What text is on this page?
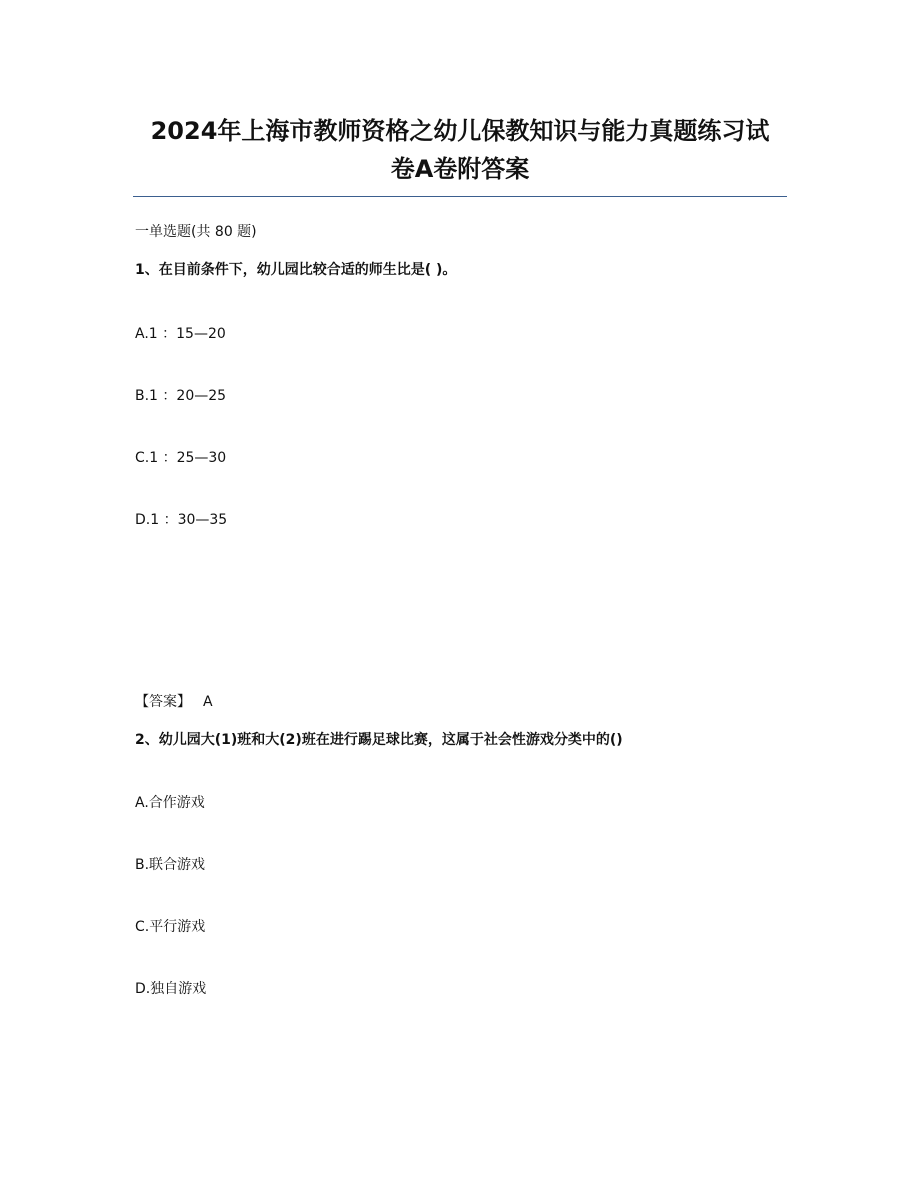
2024年上海市教师资格之幼儿保教知识与能力真题练习试
卷A卷附答案
一单选题(共 80 题)
1、在目前条件下，幼儿园比较合适的师生比是( )。
A.1 ：15—20
B.1 ：20—25
C.1 ：25—30
D.1 ：30—35
【答案】 A
2、幼儿园大(1)班和大(2)班在进行踢足球比赛，这属于社会性游戏分类中的()
A.合作游戏
B.联合游戏
C.平行游戏
D.独自游戏
